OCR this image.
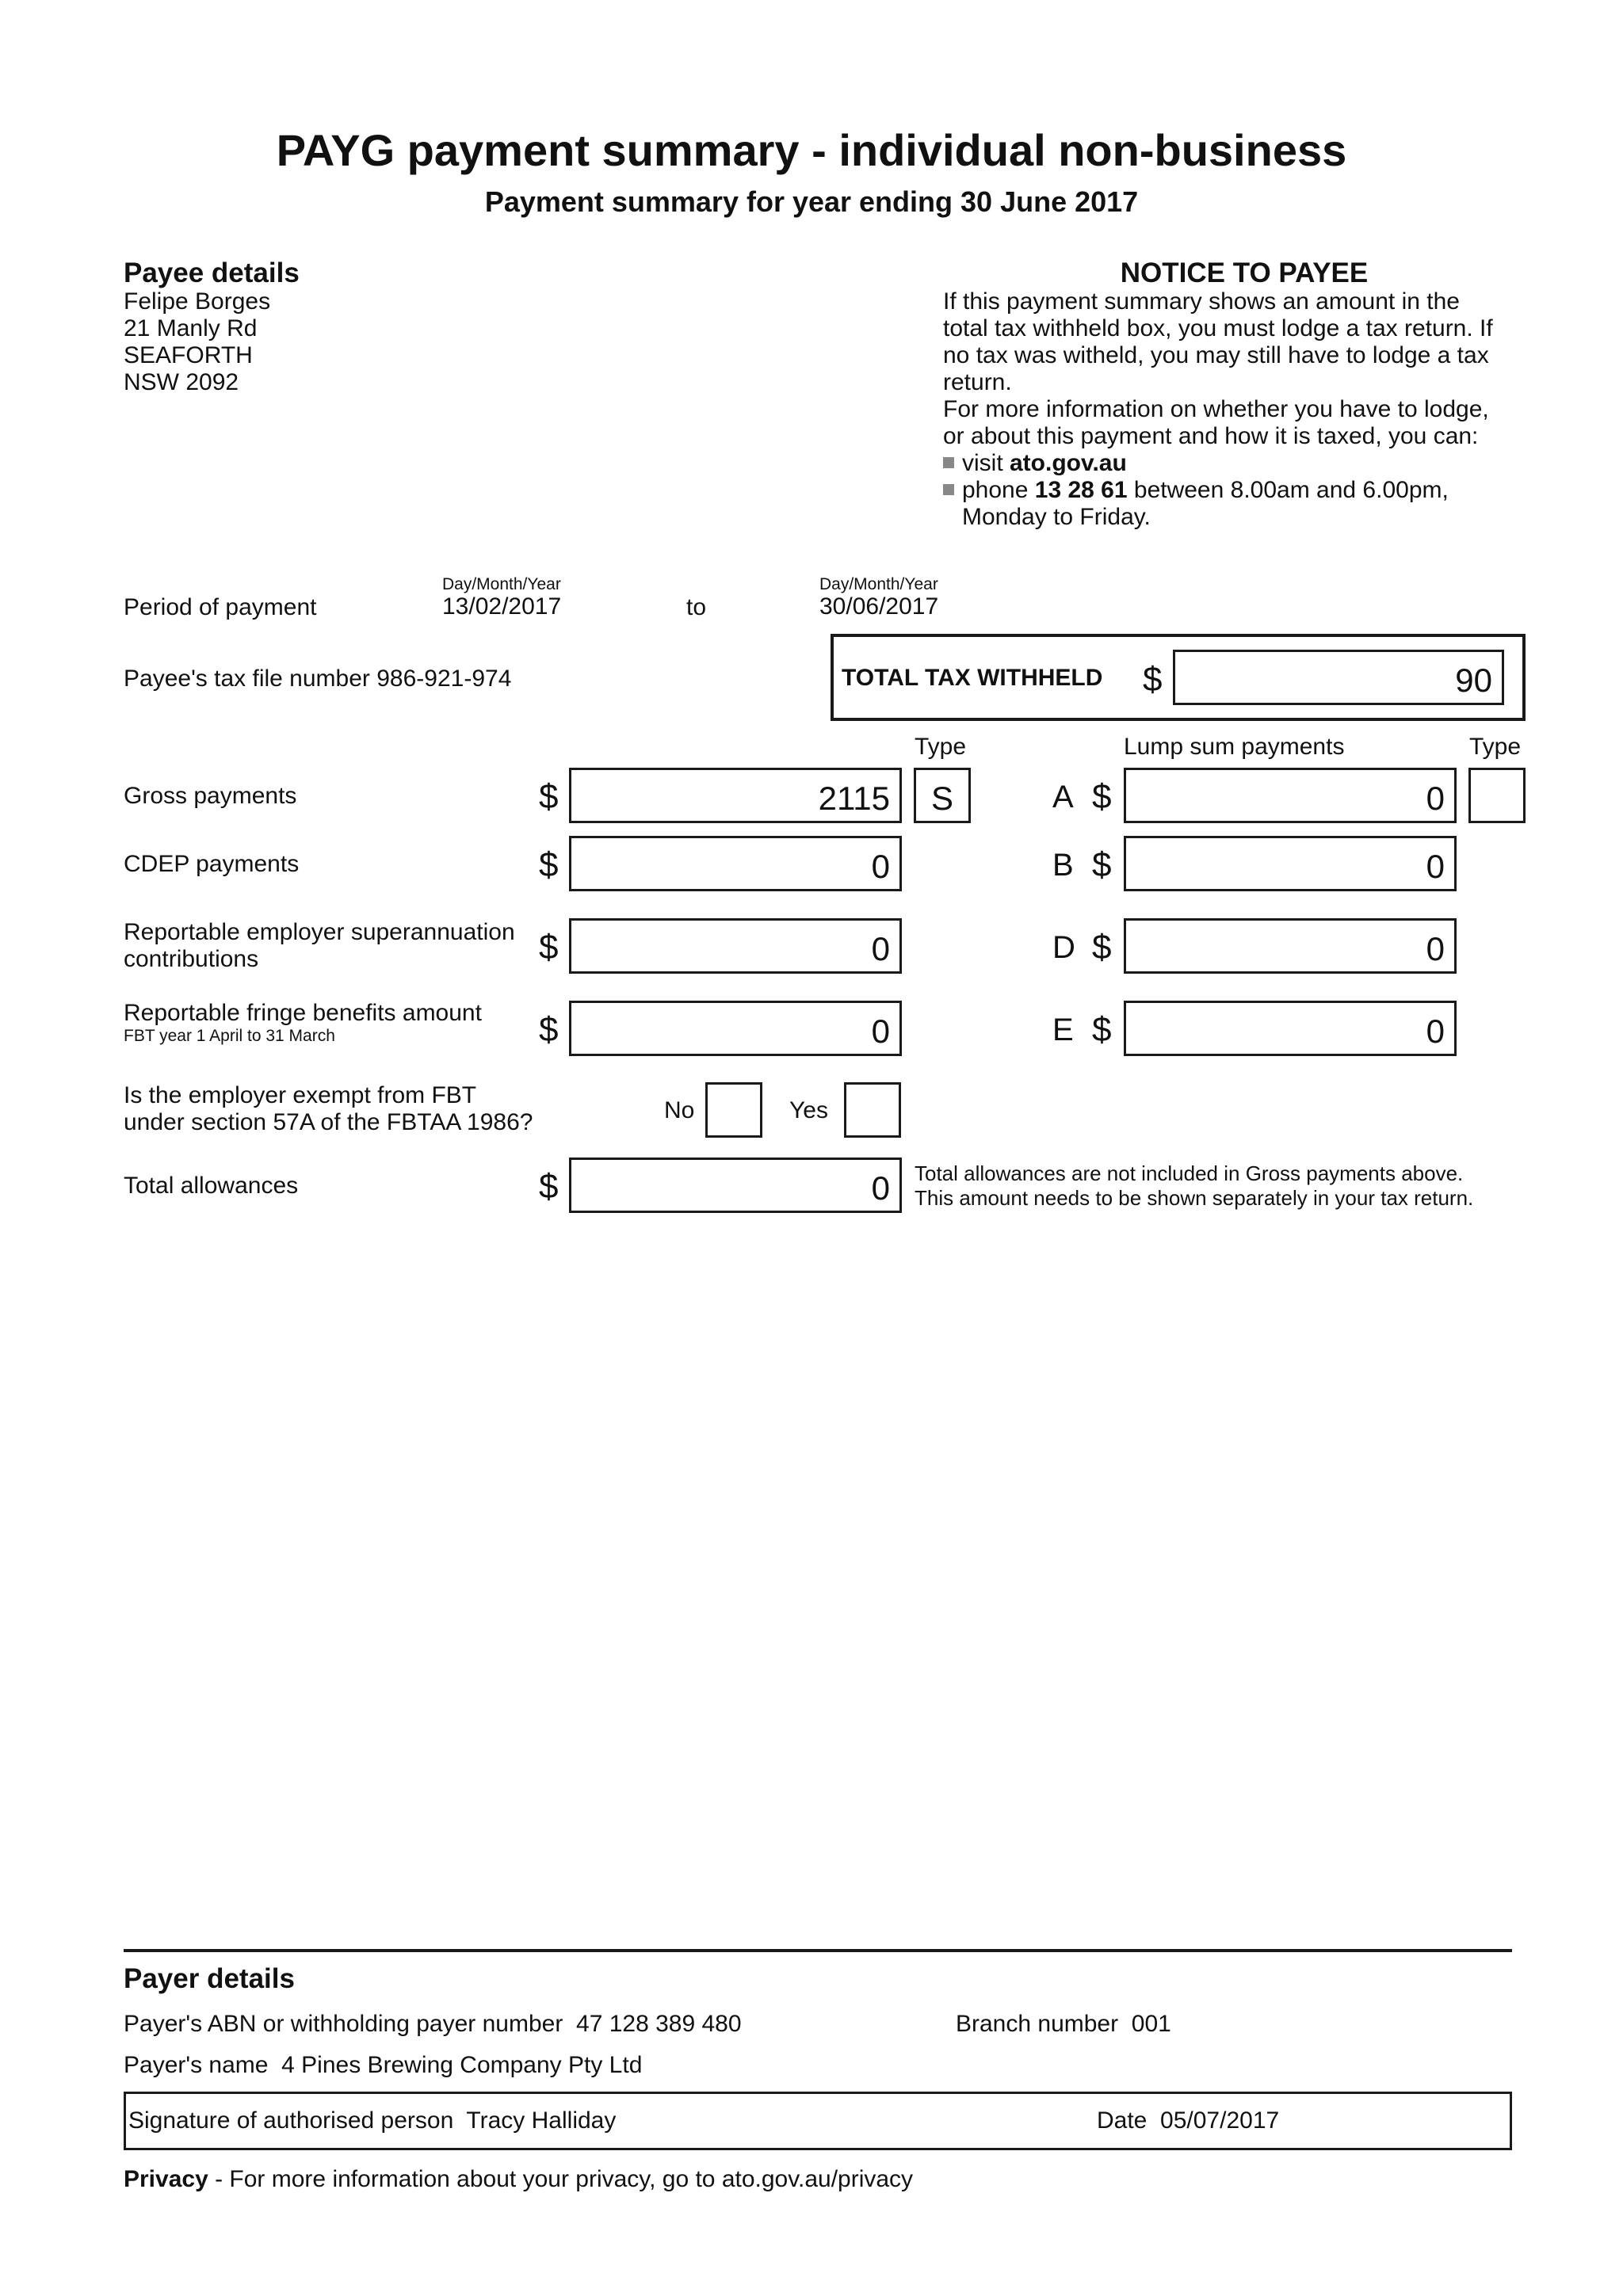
PAYG payment summary - individual non-business
Payment summary for year ending 30 June 2017
Payee details
Felipe Borges
21 Manly Rd
SEAFORTH
NSW 2092
NOTICE TO PAYEE
If this payment summary shows an amount in the
total tax withheld box, you must lodge a tax return. If
no tax was witheld, you may still have to lodge a tax
return.
For more information on whether you have to lodge,
or about this payment and how it is taxed, you can:
visit ato.gov.au
phone 13 28 61 between 8.00am and 6.00pm,
Monday to Friday.
Period of payment
Day/Month/Year
13/02/2017	to
Day/Month/Year
30/06/2017
Payee's tax file number 986-921-974	TOTAL TAX WITHHELD $	90
Type	Lump sum payments	Type
Gross payments	$	2115	S	A $	0
CDEP payments	$	0	B $	0
Reportable employer superannuation
contributions	$	0	D $	0
Reportable fringe benefits amount
FBT year 1 April to 31 March	$	0	E $	0
Is the employer exempt from FBT
under section 57A of the FBTAA 1986?	No	Yes
Total allowances	$	0 Total allowances are not included in Gross payments above.
This amount needs to be shown separately in your tax return.
Payer details
Payer's ABN or withholding payer number 47 128 389 480	Branch number 001
Payer's name 4 Pines Brewing Company Pty Ltd
Signature of authorised person Tracy Halliday	Date 05/07/2017
Privacy - For more information about your privacy, go to ato.gov.au/privacy
